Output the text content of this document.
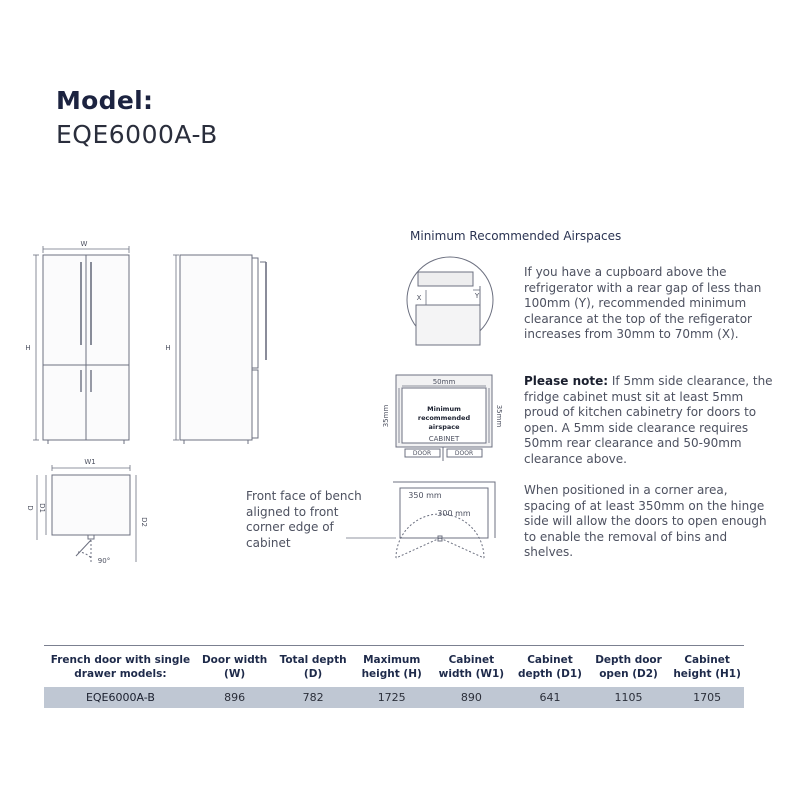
Model:
EQE6000A-B
W
H	H
W1
D D1
D2
90°
X	Y
50mm
35mm	35mm
Minimum
recommended
airspace
CABINET
DOOR	DOOR
350 mm
300 mm
Minimum Recommended Airspaces
If you have a cupboard above the refrigerator with a rear gap of less than 100mm (Y), recommended minimum clearance at the top of the refigerator increases from 30mm to 70mm (X).
Please note: If 5mm side clearance, the fridge cabinet must sit at least 5mm proud of kitchen cabinetry for doors to open. A 5mm side clearance requires 50mm rear clearance and 50-90mm clearance above.
When positioned in a corner area, spacing of at least 350mm on the hinge side will allow the doors to open enough to enable the removal of bins and shelves.
Front face of bench aligned to front corner edge of cabinet
French door with single drawer models:	Door width (W)	Total depth (D)	Maximum height (H)	Cabinet width (W1)	Cabinet depth (D1)	Depth door open (D2)	Cabinet height (H1)
EQE6000A-B	896	782	1725	890	641	1105	1705
